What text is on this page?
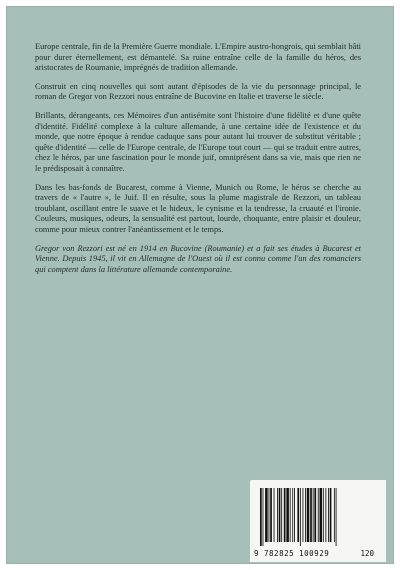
Europe centrale, fin de la Première Guerre mondiale. L'Empire austro-hongrois, qui semblait bâti pour durer éternellement, est démantelé. Sa ruine entraîne celle de la famille du héros, des aristocrates de Roumanie, imprégnés de tradition allemande.

Construit en cinq nouvelles qui sont autant d'épisodes de la vie du personnage principal, le roman de Gregor von Rezzori nous entraîne de Bucovine en Italie et traverse le siècle.

Brillants, dérangeants, ces Mémoires d'un antisémite sont l'histoire d'une fidélité et d'une quête d'identité. Fidélité complexe à la culture allemande, à une certaine idée de l'existence et du monde, que notre époque à rendue caduque sans pour autant lui trouver de substitut véritable ; quête d'identité — celle de l'Europe centrale, de l'Europe tout court — qui se traduit entre autres, chez le héros, par une fascination pour le monde juif, omniprésent dans sa vie, mais que rien ne le prédisposait à connaître.

Dans les bas-fonds de Bucarest, comme à Vienne, Munich ou Rome, le héros se cherche au travers de « l'autre », le Juif. Il en résulte, sous la plume magistrale de Rezzori, un tableau troublant, oscillant entre le suave et le hideux, le cynisme et la tendresse, la cruauté et l'ironie. Couleurs, musiques, odeurs, la sensualité est partout, lourde, choquante, entre plaisir et douleur, comme pour mieux contrer l'anéantissement et le temps.

Gregor von Rezzori est né en 1914 en Bucovine (Roumanie) et a fait ses études à Bucarest et Vienne. Depuis 1945, il vit en Allemagne de l'Ouest où il est connu comme l'un des romanciers qui comptent dans la littérature allemande contemporaine.

9 782825 100929	120
